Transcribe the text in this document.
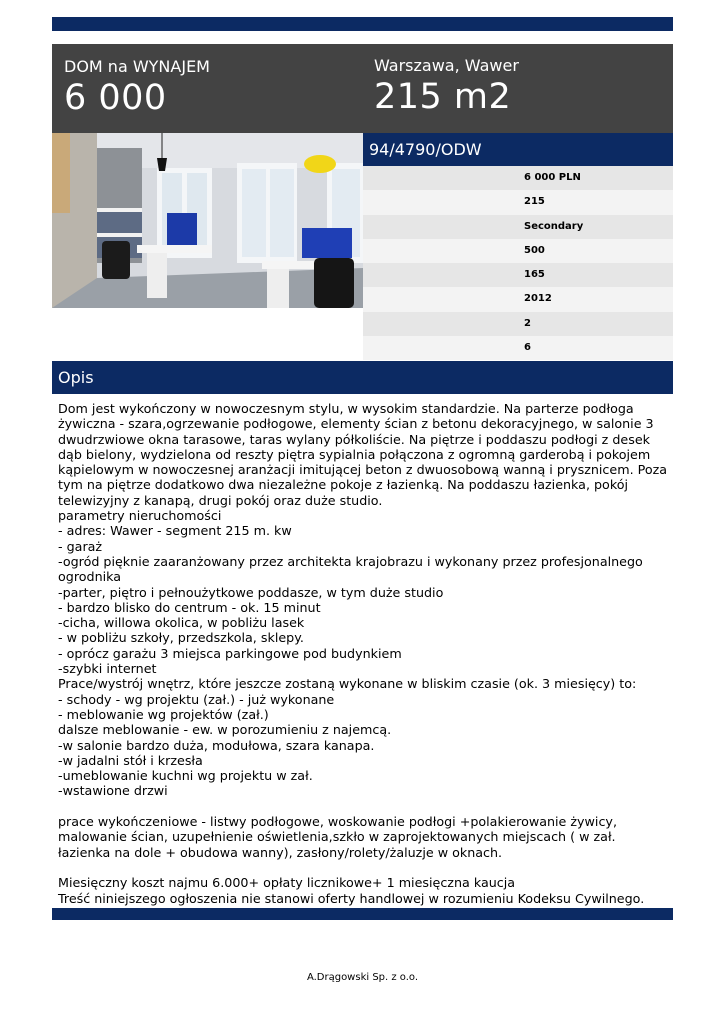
DOM na WYNAJEM
6 000
Warszawa, Wawer
215 m2
94/4790/ODW
6 000 PLN
215
Secondary
500
165
2012
2
6
Opis
Dom jest wykończony w nowoczesnym stylu, w wysokim standardzie. Na parterze podłoga żywiczna - szara,ogrzewanie podłogowe, elementy ścian z betonu dekoracyjnego, w salonie 3 dwudrzwiowe okna tarasowe, taras wylany półkoliście. Na piętrze i poddaszu podłogi z desek dąb bielony, wydzielona od reszty piętra sypialnia połączona z ogromną garderobą i pokojem kąpielowym w nowoczesnej aranżacji imitującej beton z dwuosobową wanną i prysznicem. Poza tym na piętrze dodatkowo dwa niezależne pokoje z łazienką. Na poddaszu łazienka, pokój telewizyjny z kanapą, drugi pokój oraz duże studio.
parametry nieruchomości
- adres: Wawer - segment 215 m. kw
- garaż
-ogród pięknie zaaranżowany przez architekta krajobrazu i wykonany przez profesjonalnego ogrodnika
-parter, piętro i pełnoużytkowe poddasze, w tym duże studio
- bardzo blisko do centrum - ok. 15 minut
-cicha, willowa okolica, w pobliżu lasek
- w pobliżu szkoły, przedszkola, sklepy.
- oprócz garażu 3 miejsca parkingowe pod budynkiem
-szybki internet
Prace/wystrój wnętrz, które jeszcze zostaną wykonane w bliskim czasie (ok. 3 miesięcy) to:
- schody - wg projektu (zał.) - już wykonane
- meblowanie wg projektów (zał.)
dalsze meblowanie - ew. w porozumieniu z najemcą.
-w salonie bardzo duża, modułowa, szara kanapa.
-w jadalni stół i krzesła
-umeblowanie kuchni wg projektu w zał.
-wstawione drzwi

prace wykończeniowe - listwy podłogowe, woskowanie podłogi +polakierowanie żywicy, malowanie ścian, uzupełnienie oświetlenia,szkło w zaprojektowanych miejscach ( w zał. łazienka na dole + obudowa wanny), zasłony/rolety/żaluzje w oknach.

Miesięczny koszt najmu 6.000+ opłaty licznikowe+ 1 miesięczna kaucja
Treść niniejszego ogłoszenia nie stanowi oferty handlowej w rozumieniu Kodeksu Cywilnego.
A.Drągowski Sp. z o.o.
